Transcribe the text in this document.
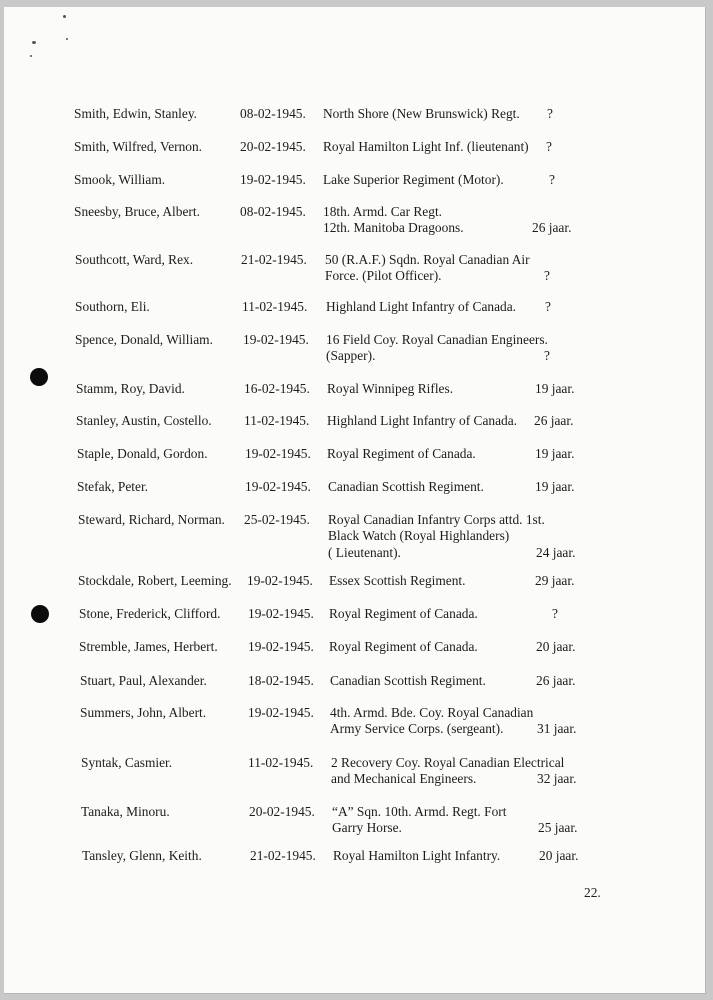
Smith, Edwin, Stanley.	08-02-1945. North Shore (New Brunswick) Regt. ?
Smith, Wilfred, Vernon.	20-02-1945. Royal Hamilton Light Inf. (lieutenant) ?
Smook, William.	19-02-1945. Lake Superior Regiment (Motor).	?
Sneesby, Bruce, Albert.	08-02-1945. 18th. Armd. Car Regt.
12th. Manitoba Dragoons.	26 jaar.
Southcott, Ward, Rex.	21-02-1945. 50 (R.A.F.) Sqdn. Royal Canadian Air
Force. (Pilot Officer).	?
Southorn, Eli.	11-02-1945. Highland Light Infantry of Canada. ?
Spence, Donald, William. 19-02-1945. 16 Field Coy. Royal Canadian Engineers.
(Sapper).	?
Stamm, Roy, David.	16-02-1945. Royal Winnipeg Rifles.	19 jaar.
Stanley, Austin, Costello. 11-02-1945. Highland Light Infantry of Canada. 26 jaar.
Staple, Donald, Gordon.	19-02-1945. Royal Regiment of Canada.	19 jaar.
Stefak, Peter.	19-02-1945. Canadian Scottish Regiment.	19 jaar.
Steward, Richard, Norman. 25-02-1945. Royal Canadian Infantry Corps attd. 1st.
Black Watch (Royal Highlanders)
( Lieutenant).	24 jaar.
Stockdale, Robert, Leeming. 19-02-1945. Essex Scottish Regiment.	29 jaar.
Stone, Frederick, Clifford. 19-02-1945. Royal Regiment of Canada.	?
Stremble, James, Herbert. 19-02-1945. Royal Regiment of Canada.	20 jaar.
Stuart, Paul, Alexander.	18-02-1945. Canadian Scottish Regiment.	26 jaar.
Summers, John, Albert.	19-02-1945. 4th. Armd. Bde. Coy. Royal Canadian
Army Service Corps. (sergeant).	31 jaar.
Syntak, Casmier.	11-02-1945. 2 Recovery Coy. Royal Canadian Electrical
and Mechanical Engineers.	32 jaar.
Tanaka, Minoru.	20-02-1945. “A” Sqn. 10th. Armd. Regt. Fort
Garry Horse.	25 jaar.
Tansley, Glenn, Keith.	21-02-1945. Royal Hamilton Light Infantry.	20 jaar.
22.
